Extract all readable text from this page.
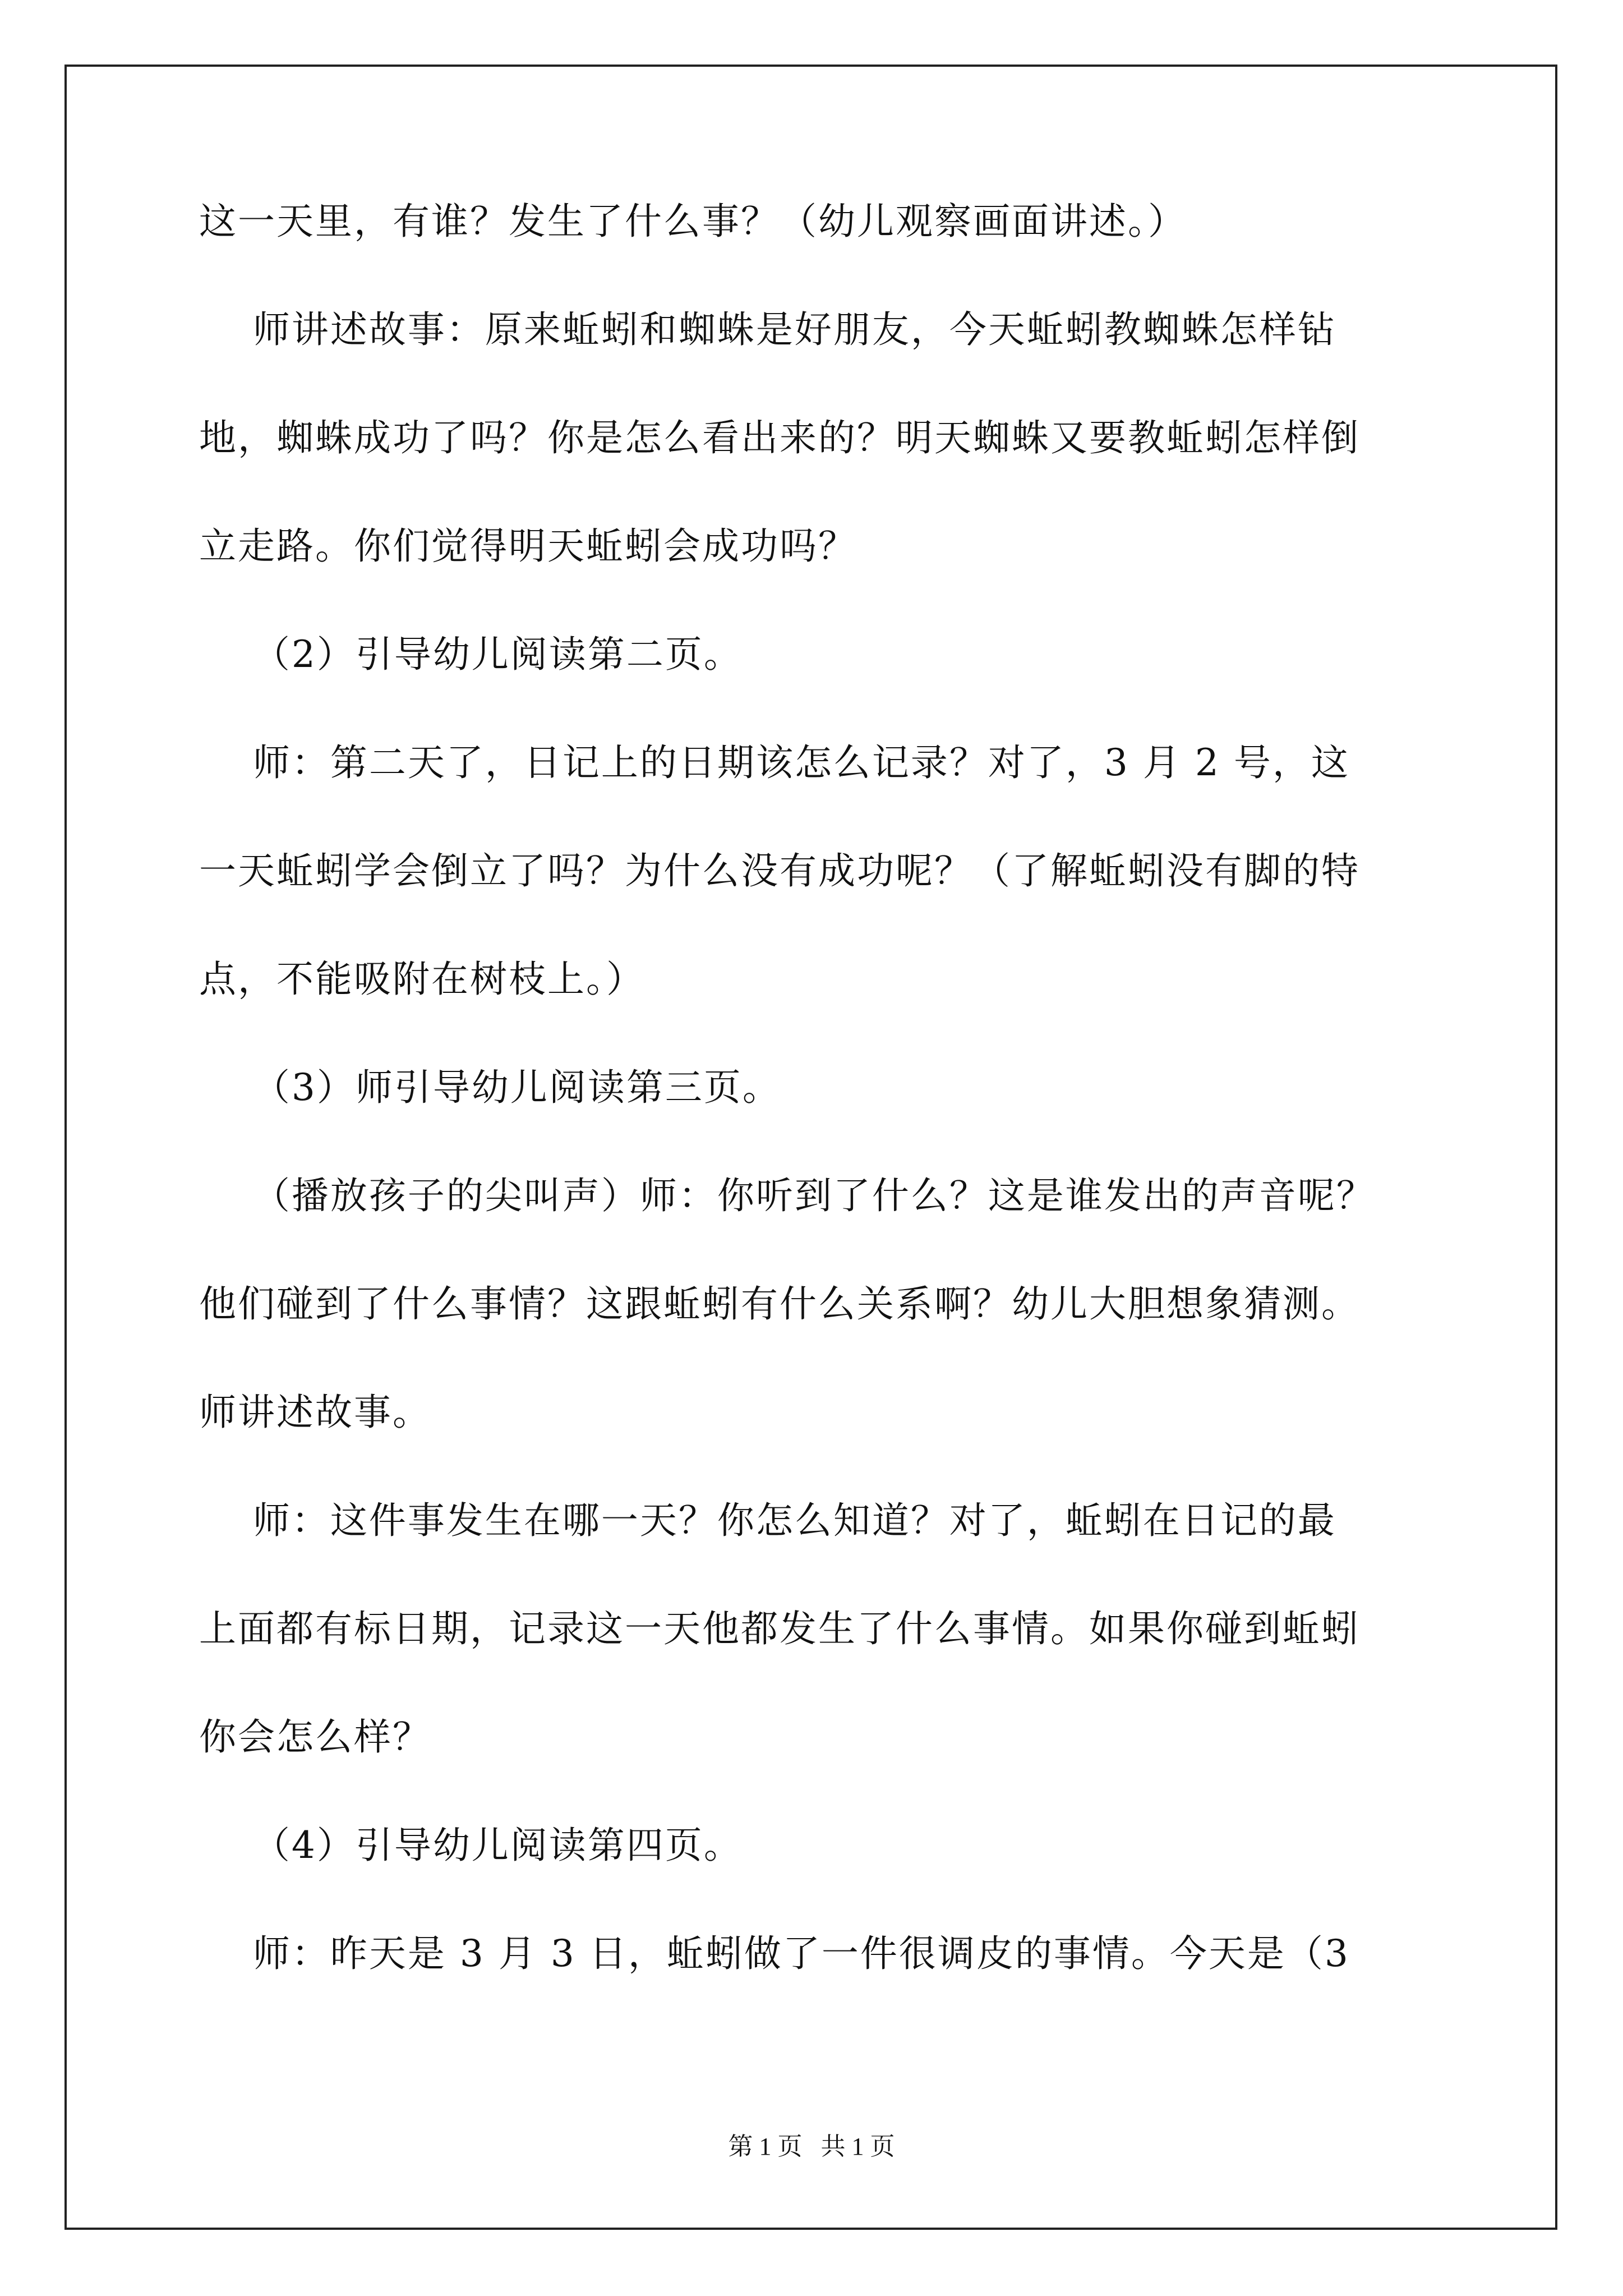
这一天里，有谁？发生了什么事？（幼儿观察画面讲述。）
师讲述故事：原来蚯蚓和蜘蛛是好朋友，今天蚯蚓教蜘蛛怎样钻
地，蜘蛛成功了吗？你是怎么看出来的？明天蜘蛛又要教蚯蚓怎样倒
立走路。你们觉得明天蚯蚓会成功吗？
（2）引导幼儿阅读第二页。
师：第二天了，日记上的日期该怎么记录？对了，3 月 2 号，这
一天蚯蚓学会倒立了吗？为什么没有成功呢？（了解蚯蚓没有脚的特
点，不能吸附在树枝上。）
（3）师引导幼儿阅读第三页。
（播放孩子的尖叫声）师：你听到了什么？这是谁发出的声音呢？
他们碰到了什么事情？这跟蚯蚓有什么关系啊？幼儿大胆想象猜测。
师讲述故事。
师：这件事发生在哪一天？你怎么知道？对了，蚯蚓在日记的最
上面都有标日期，记录这一天他都发生了什么事情。如果你碰到蚯蚓
你会怎么样？
（4）引导幼儿阅读第四页。
师：昨天是 3 月 3 日，蚯蚓做了一件很调皮的事情。今天是（3
第 1 页   共 1 页
